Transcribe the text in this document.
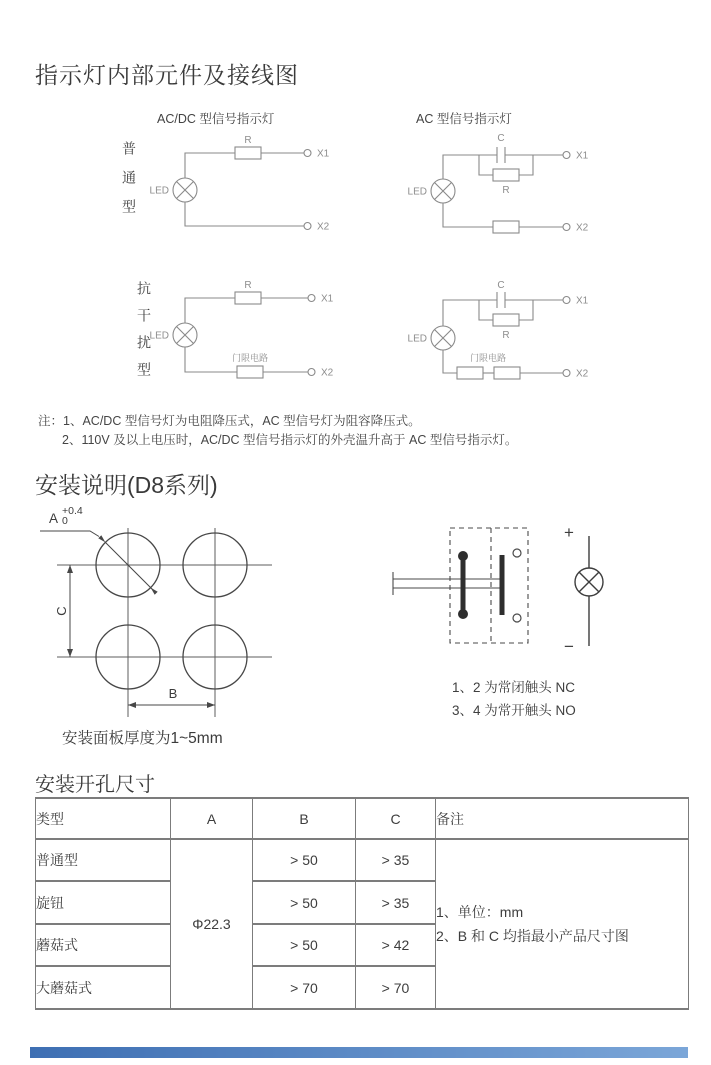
指示灯内部元件及接线图
AC/DC 型信号指示灯	AC 型信号指示灯
普通型
抗干扰型
R
LED
X1
X2
C
R
LED
X1
X2
R
门限电路
LED
X1
X2
C
R
门限电路
LED
X1
X2
注：1、AC/DC 型信号灯为电阻降压式，AC 型信号灯为阻容降压式。
2、110V 及以上电压时，AC/DC 型信号指示灯的外壳温升高于 AC 型信号指示灯。
安装说明(D8系列)
A +0.4
0
C
B
安装面板厚度为1~5mm
+
−
1、2 为常闭触头 NC
3、4 为常开触头 NO
安装开孔尺寸
类型	A	B	C	备注
普通型	Φ22.3	> 50	> 35	1、单位：mm
2、B 和 C 均指最小产品尺寸图

旋钮		> 50	> 35	
蘑菇式		> 50	> 42	
大蘑菇式		> 70	> 70	
